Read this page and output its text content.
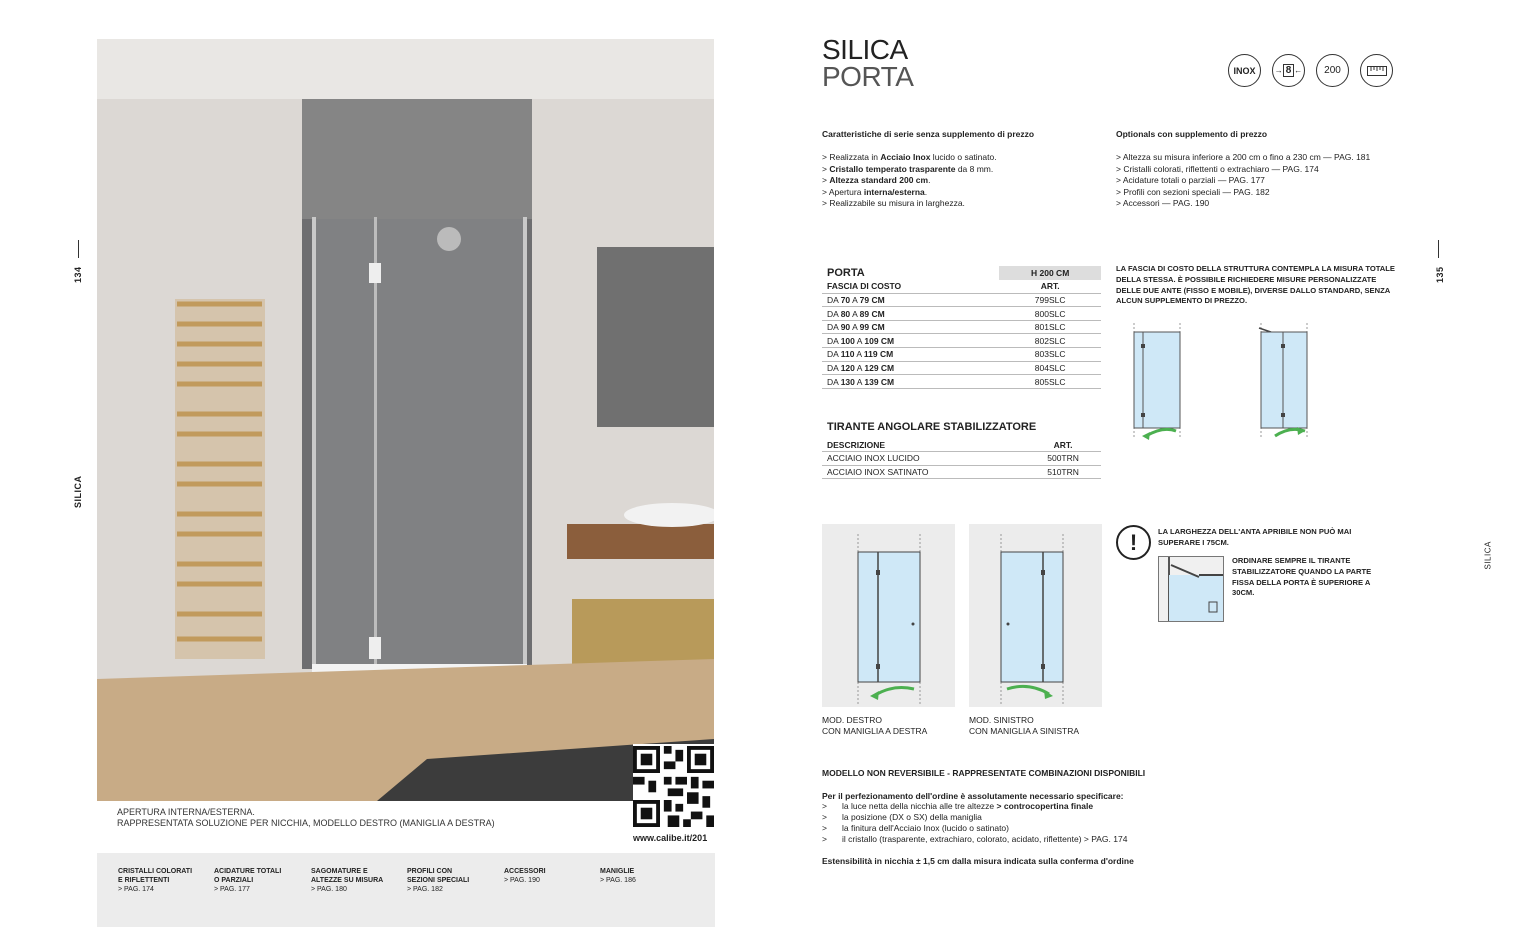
134
SILICA
APERTURA INTERNA/ESTERNA.
RAPPRESENTATA SOLUZIONE PER NICCHIA, MODELLO DESTRO (MANIGLIA A DESTRA)
www.calibe.it/201
CRISTALLI COLORATI
E RIFLETTENTI
> PAG. 174
ACIDATURE TOTALI
O PARZIALI
> PAG. 177
SAGOMATURE E
ALTEZZE SU MISURA
> PAG. 180
PROFILI CON
SEZIONI SPECIALI
> PAG. 182
ACCESSORI
> PAG. 190
MANIGLIE
> PAG. 186
SILICA
PORTA	INOX	→ 8 ←	200
Caratteristiche di serie senza supplemento di prezzo
> Realizzata in Acciaio Inox lucido o satinato.
> Cristallo temperato trasparente da 8 mm.
> Altezza standard 200 cm.
> Apertura interna/esterna.
> Realizzabile su misura in larghezza.
Optionals con supplemento di prezzo
> Altezza su misura inferiore a 200 cm o fino a 230 cm — PAG. 181
> Cristalli colorati, riflettenti o extrachiaro — PAG. 174
> Acidature totali o parziali — PAG. 177
> Profili con sezioni speciali — PAG. 182
> Accessori — PAG. 190
PORTA	H 200 CM
FASCIA DI COSTO	ART.
DA 70 A 79 CM	799SLC
DA 80 A 89 CM	800SLC
DA 90 A 99 CM	801SLC
DA 100 A 109 CM	802SLC
DA 110 A 119 CM	803SLC
DA 120 A 129 CM	804SLC
DA 130 A 139 CM	805SLC
TIRANTE ANGOLARE STABILIZZATORE
DESCRIZIONE	ART.
ACCIAIO INOX LUCIDO	500TRN
ACCIAIO INOX SATINATO	510TRN
135
SILICA
LA FASCIA DI COSTO DELLA STRUTTURA CONTEMPLA LA MISURA TOTALE DELLA STESSA. È POSSIBILE RICHIEDERE MISURE PERSONALIZZATE DELLE DUE ANTE (FISSO E MOBILE), DIVERSE DALLO STANDARD, SENZA ALCUN SUPPLEMENTO DI PREZZO.
MOD. DESTRO
CON MANIGLIA A DESTRA
MOD. SINISTRO
CON MANIGLIA A SINISTRA
!	LA LARGHEZZA DELL'ANTA APRIBILE NON PUÒ MAI SUPERARE I 75CM.
ORDINARE SEMPRE IL TIRANTE STABILIZZATORE QUANDO LA PARTE FISSA DELLA PORTA È SUPERIORE A 30CM.
MODELLO NON REVERSIBILE - RAPPRESENTATE COMBINAZIONI DISPONIBILI
Per il perfezionamento dell'ordine è assolutamente necessario specificare:
> la luce netta della nicchia alle tre altezze > controcopertina finale
> la posizione (DX o SX) della maniglia
> la finitura dell'Acciaio Inox (lucido o satinato)
> il cristallo (trasparente, extrachiaro, colorato, acidato, riflettente) > PAG. 174
Estensibilità in nicchia ± 1,5 cm dalla misura indicata sulla conferma d'ordine
